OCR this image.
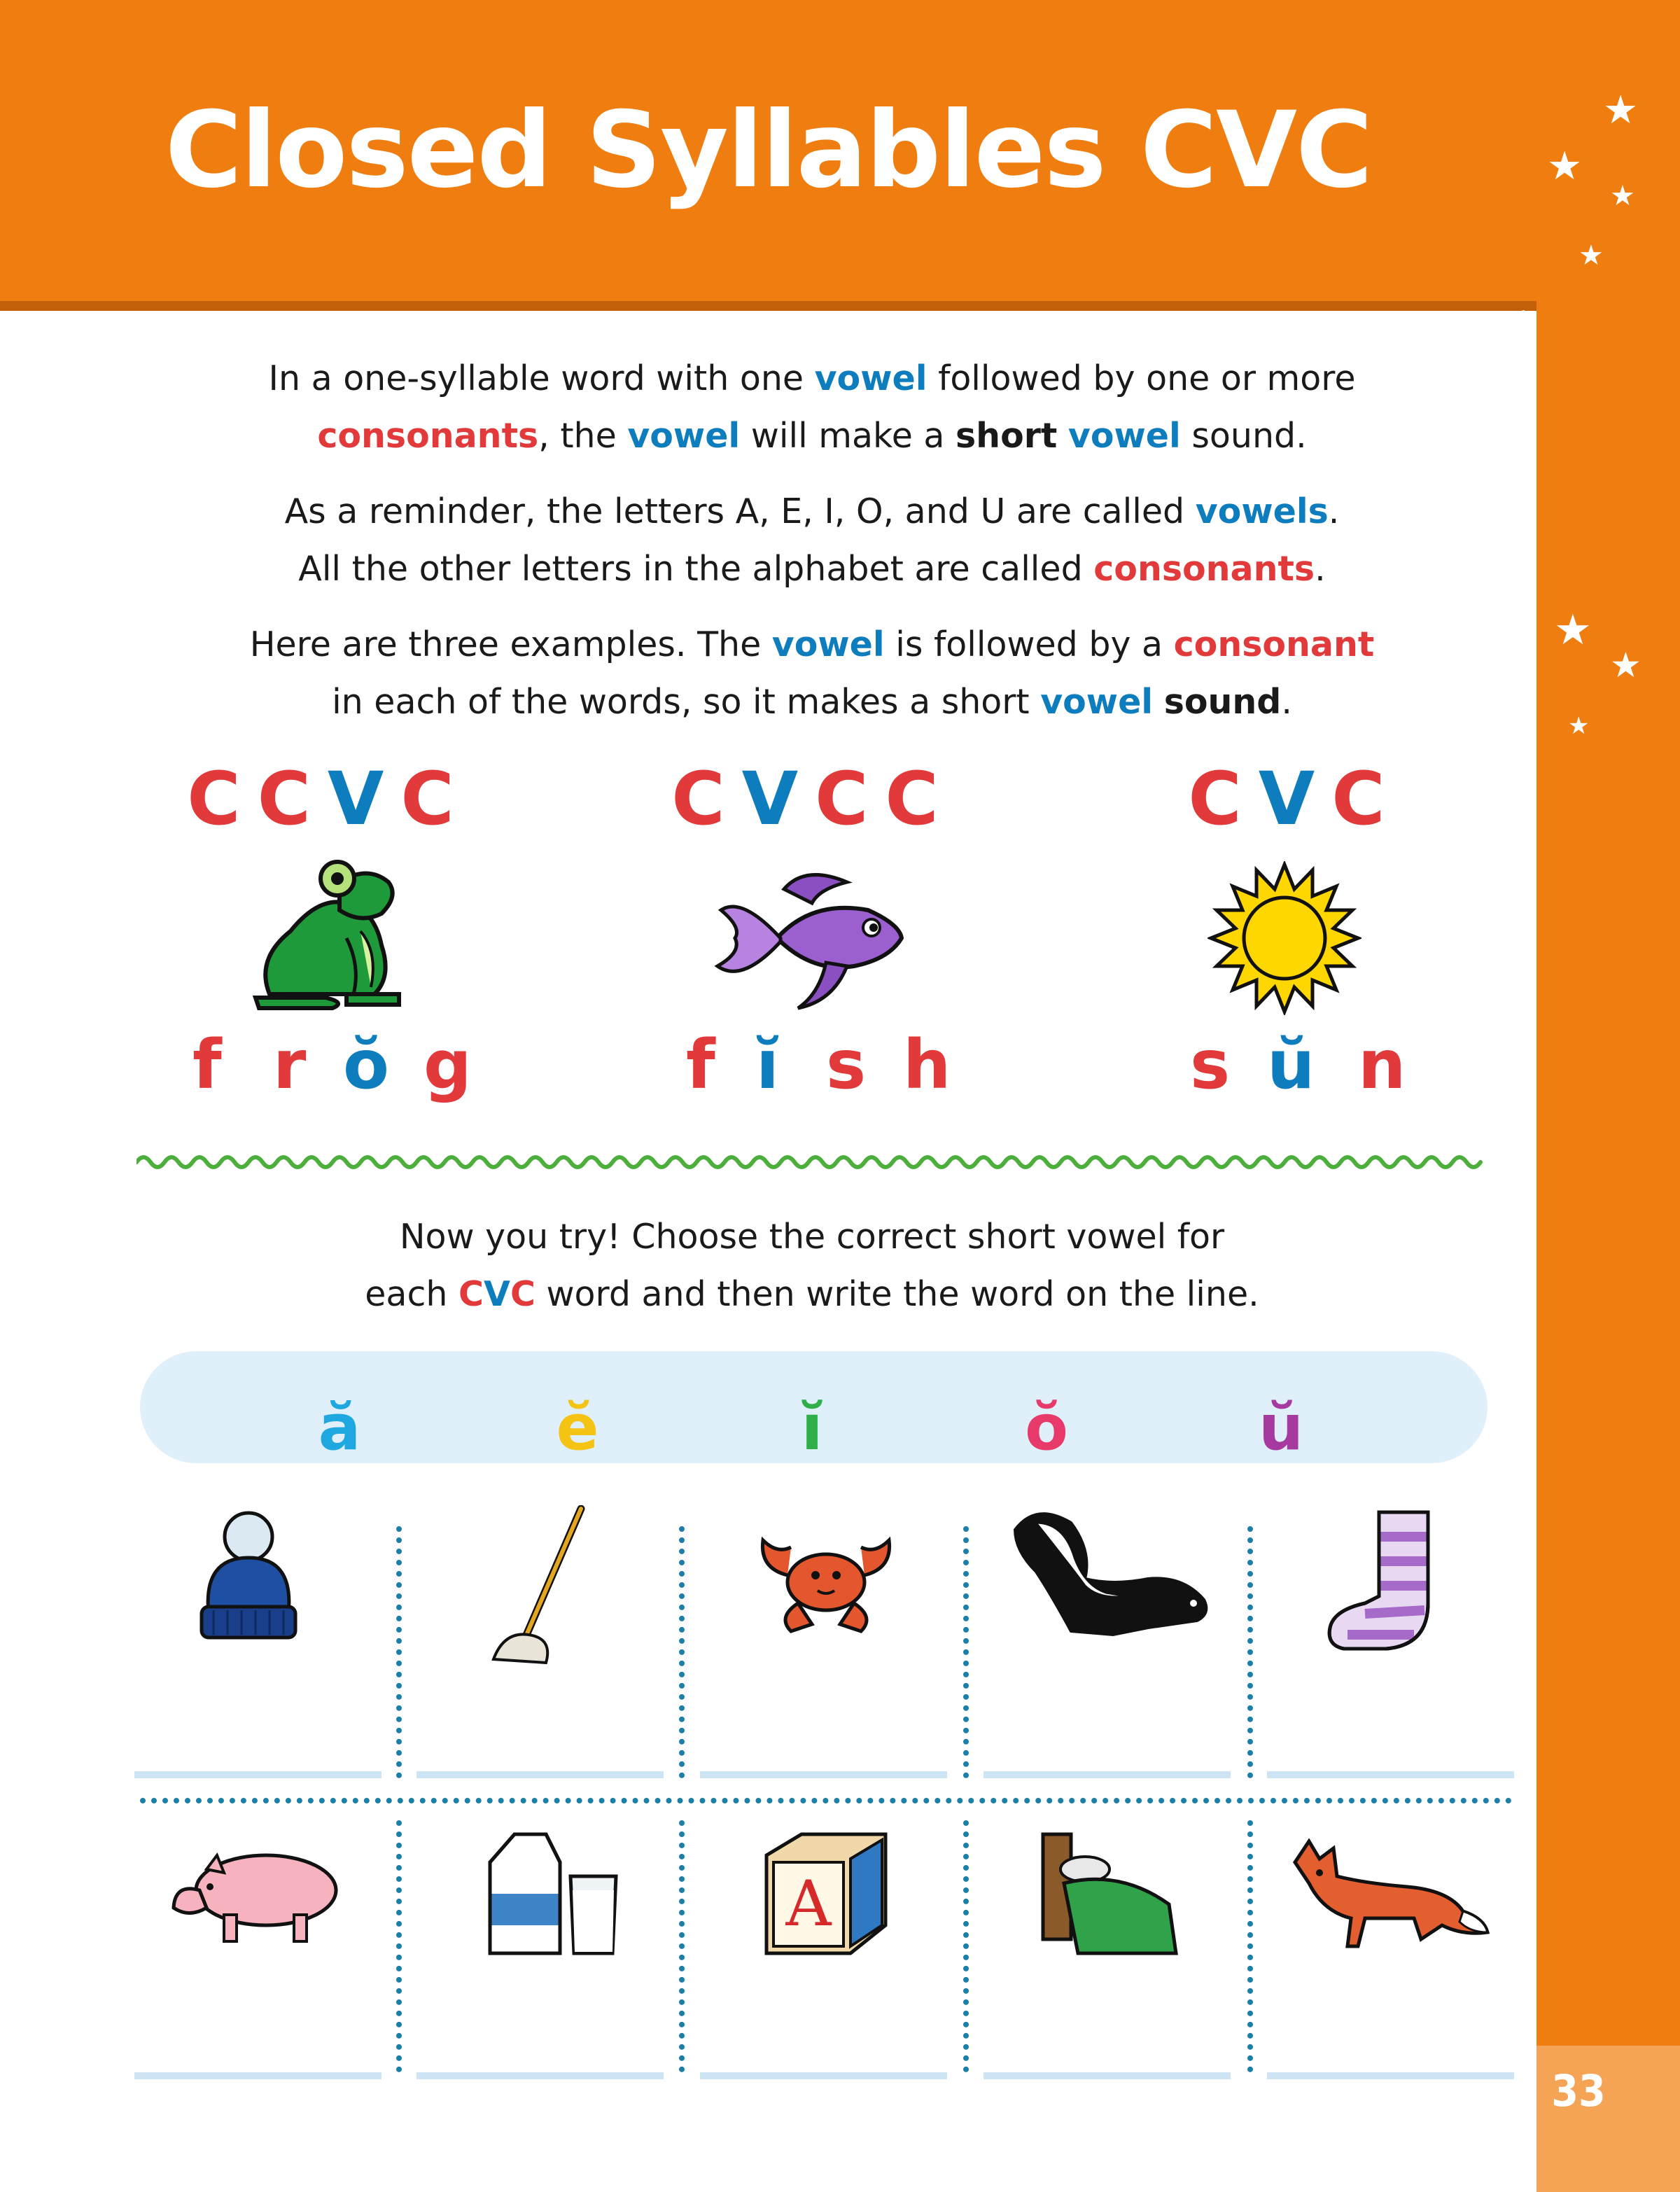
Closed Syllables CVC	★
★
★
★
★
★
★
WORDS
33
In a one-syllable word with one vowel followed by one or more
consonants, the vowel will make a short vowel sound.
As a reminder, the letters A, E, I, O, and U are called vowels.
All the other letters in the alphabet are called consonants.
Here are three examples. The vowel is followed by a consonant
in each of the words, so it makes a short vowel sound.
CCVC
f r ŏ g
CVCC
f ĭ s h
CVC
s ŭ n
Now you try! Choose the correct short vowel for
each CVC word and then write the word on the line.
ă	ĕ	ĭ	ŏ	ŭ
A
